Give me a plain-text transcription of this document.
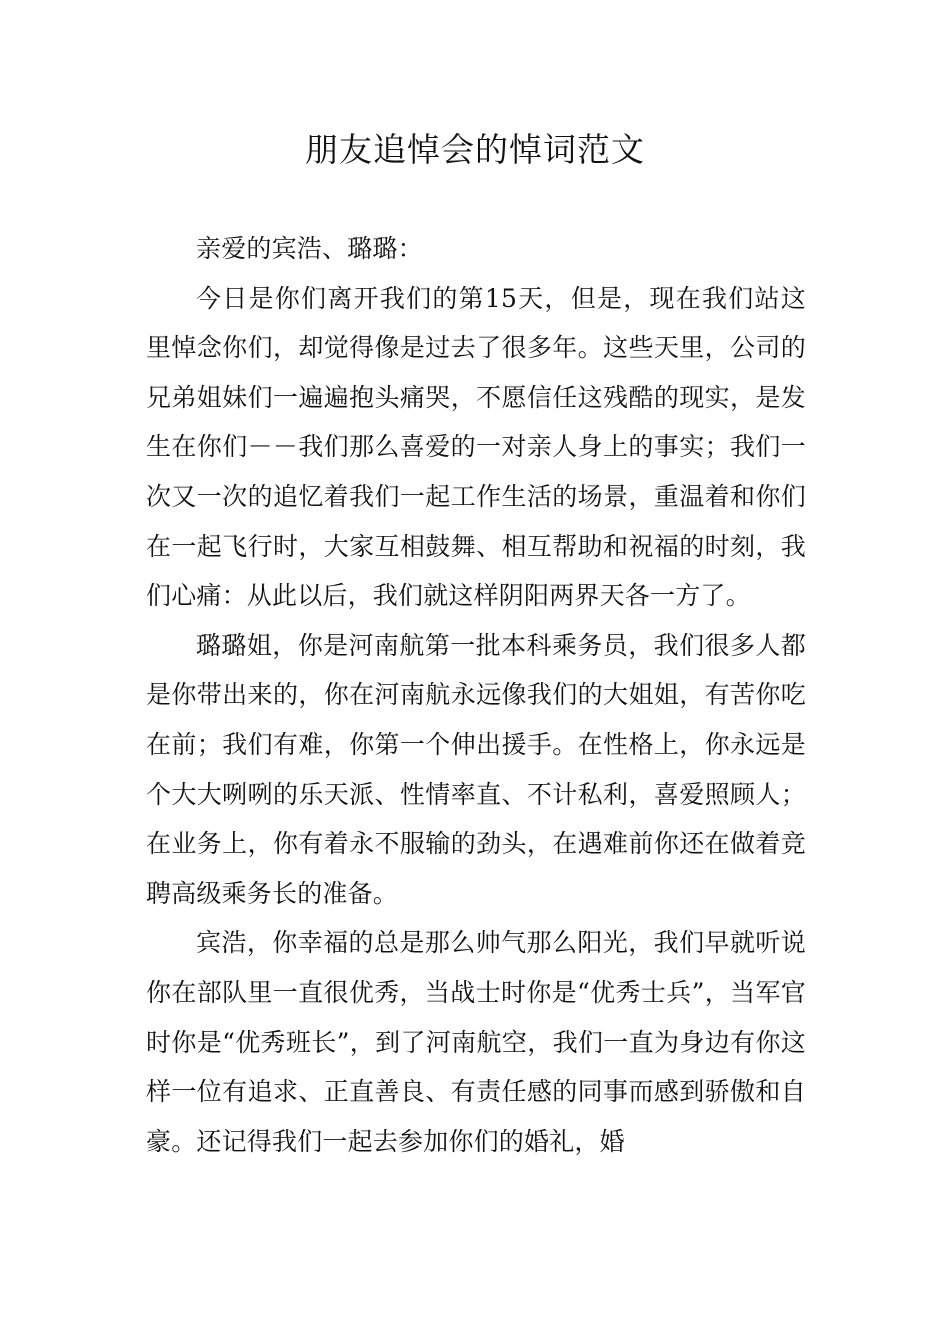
朋友追悼会的悼词范文

亲爱的宾浩、璐璐：

今日是你们离开我们的第15天，但是，现在我们站这里悼念你们，却觉得像是过去了很多年。这些天里，公司的兄弟姐妹们一遍遍抱头痛哭，不愿信任这残酷的现实，是发生在你们－－我们那么喜爱的一对亲人身上的事实；我们一次又一次的追忆着我们一起工作生活的场景，重温着和你们在一起飞行时，大家互相鼓舞、相互帮助和祝福的时刻，我们心痛：从此以后，我们就这样阴阳两界天各一方了。

璐璐姐，你是河南航第一批本科乘务员，我们很多人都是你带出来的，你在河南航永远像我们的大姐姐，有苦你吃在前；我们有难，你第一个伸出援手。在性格上，你永远是个大大咧咧的乐天派、性情率直、不计私利，喜爱照顾人；在业务上，你有着永不服输的劲头，在遇难前你还在做着竞聘高级乘务长的准备。

宾浩，你幸福的总是那么帅气那么阳光，我们早就听说你在部队里一直很优秀，当战士时你是“优秀士兵”，当军官时你是“优秀班长”，到了河南航空，我们一直为身边有你这样一位有追求、正直善良、有责任感的同事而感到骄傲和自豪。还记得我们一起去参加你们的婚礼，婚
